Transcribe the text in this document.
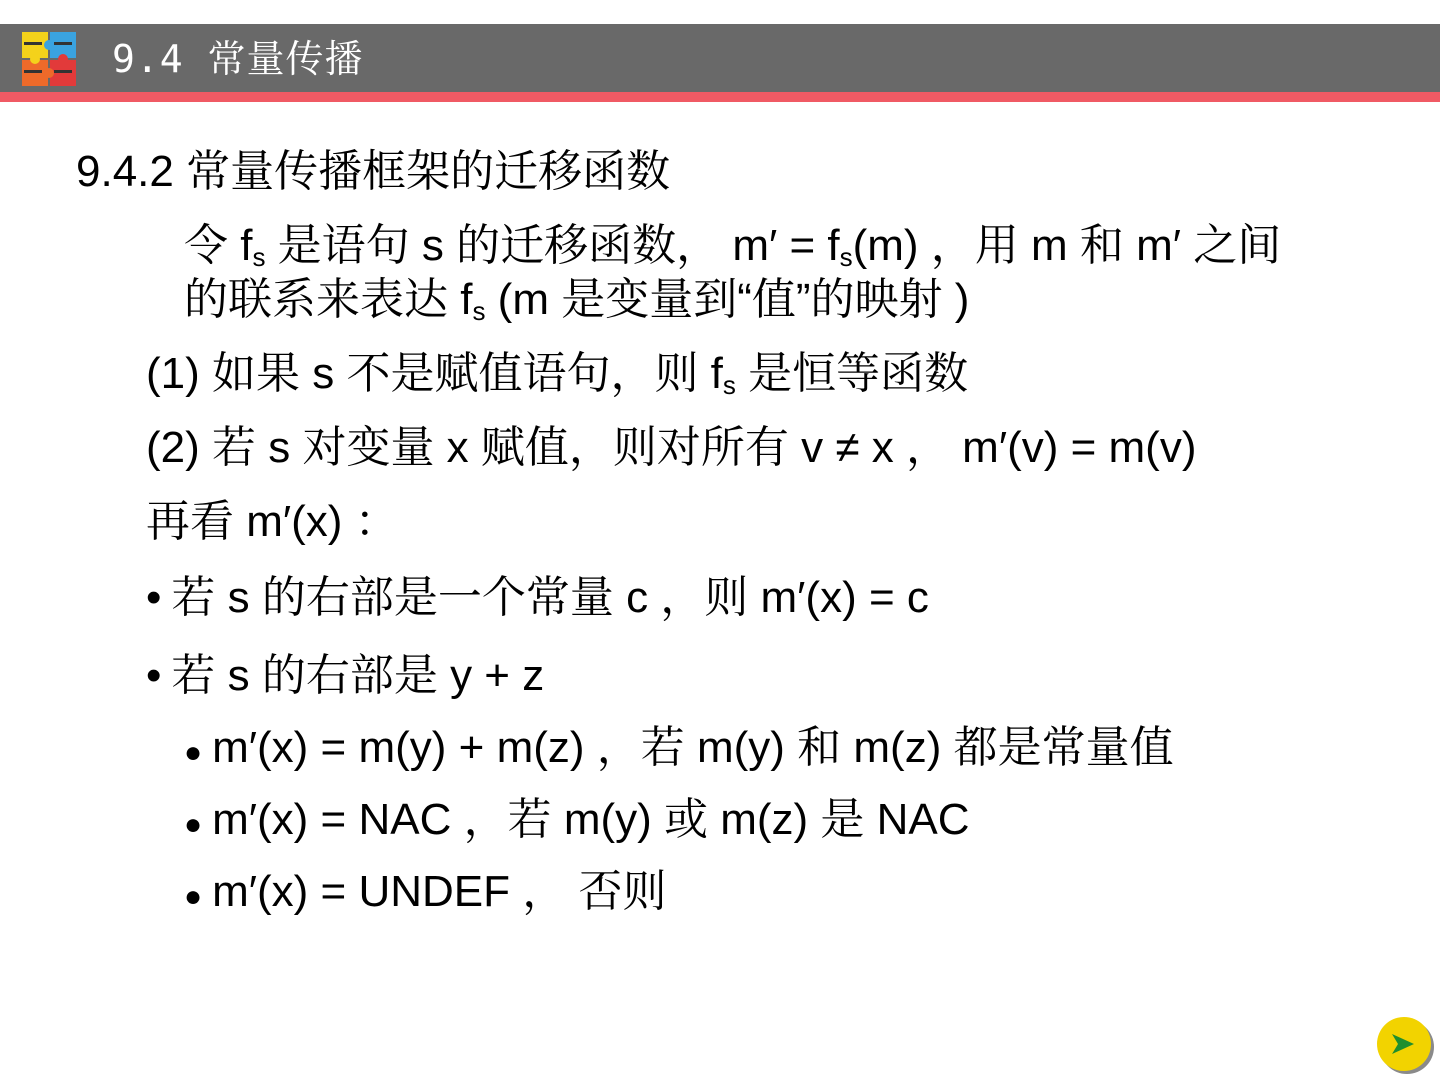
9.4 常量传播
9.4.2 常量传播框架的迁移函数
令 $f_s$ 是语句 s 的迁移函数， $m' = f_s(m)$ ，用 m 和 m′ 之间
的联系来表达 $f_s$ (m 是变量到“值”的映射 )
(1) 如果 s 不是赋值语句，则 $f_s$ 是恒等函数
(2) 若 s 对变量 x 赋值，则对所有 v ≠ x ， m′(v) = m(v)
再看 m′(x) ：
• 若 s 的右部是一个常量 c ，则 m′(x) = c
• 若 s 的右部是 y + z
● m′(x) = m(y) + m(z) ，若 m(y) 和 m(z) 都是常量值
● m′(x) = NAC ，若 m(y) 或 m(z) 是 NAC
● m′(x) = UNDEF ， 否则
